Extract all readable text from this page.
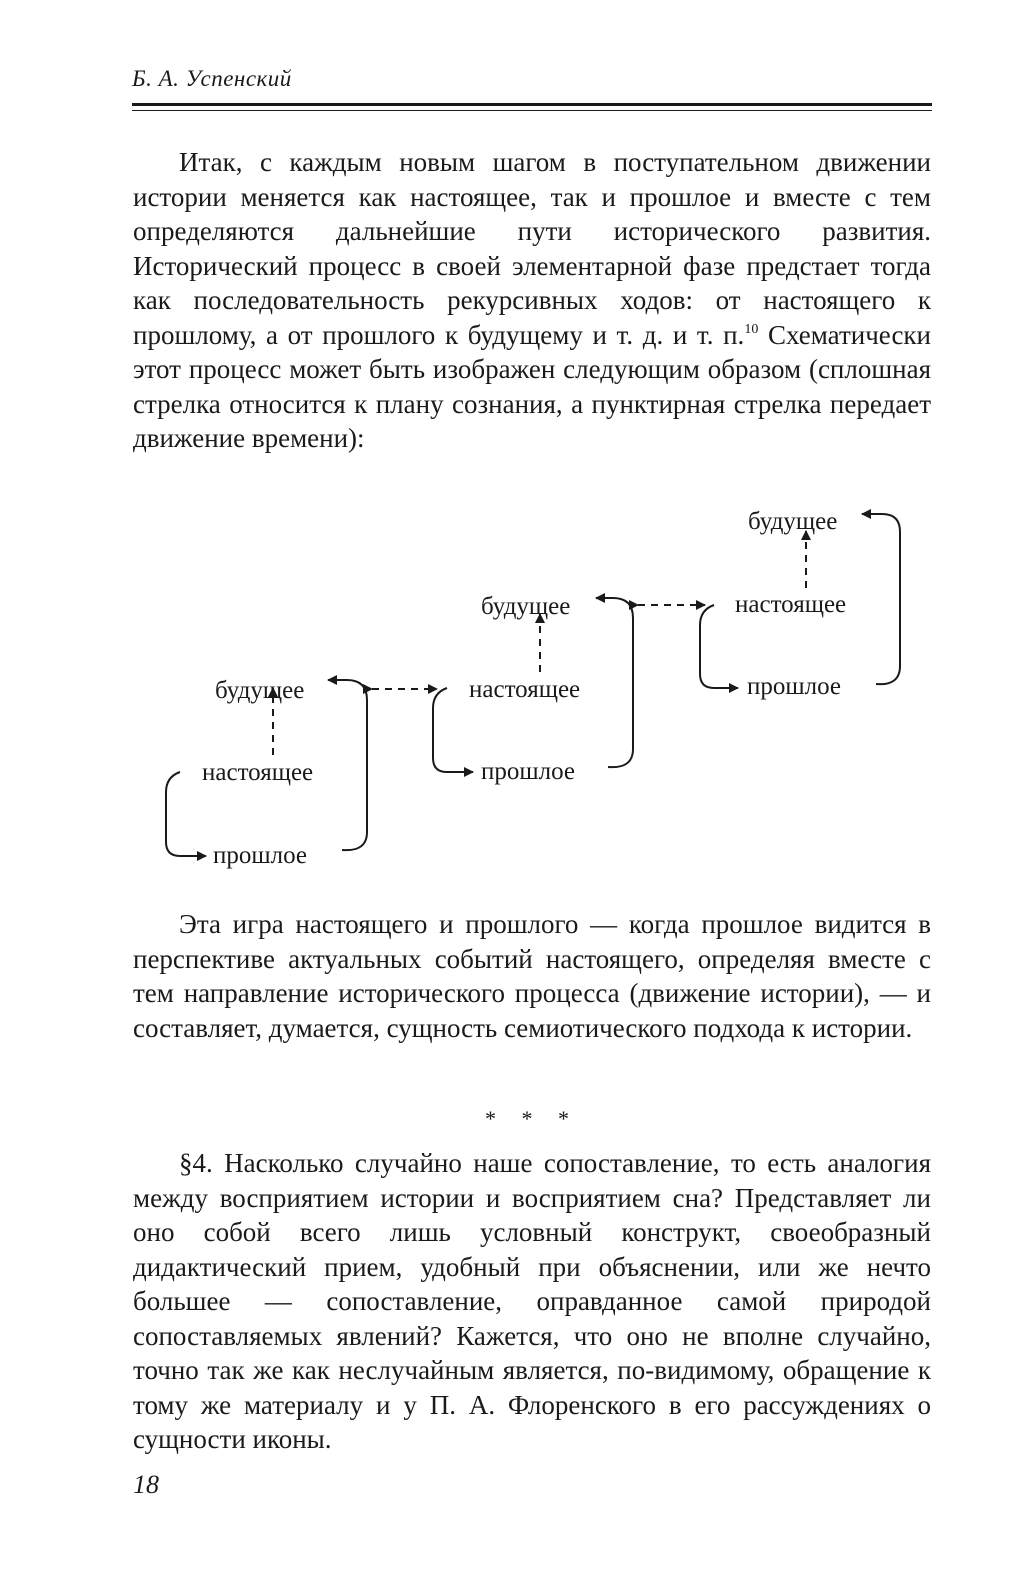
Б. А. Успенский

Итак, с каждым новым шагом в поступательном движении истории меняется как настоящее, так и прошлое и вместе с тем определяются дальнейшие пути исторического развития. Исторический процесс в своей элементарной фазе предстает тогда как последовательность рекурсивных ходов: от настоящего к прошлому, а от прошлого к будущему и т. д. и т. п.$^{10}$ Схематически этот процесс может быть изображен следующим образом (сплошная стрелка относится к плану сознания, а пунктирная стрелка передает движение времени):

будущее
настоящее
прошлое
будущее
настоящее
прошлое
будущее
настоящее
прошлое

Эта игра настоящего и прошлого — когда прошлое видится в перспективе актуальных событий настоящего, определяя вместе с тем направление исторического процесса (движение истории), — и составляет, думается, сущность семиотического подхода к истории.

* * *

§4. Насколько случайно наше сопоставление, то есть аналогия между восприятием истории и восприятием сна? Представляет ли оно собой всего лишь условный конструкт, своеобразный дидактический прием, удобный при объяснении, или же нечто большее — сопоставление, оправданное самой природой сопоставляемых явлений? Кажется, что оно не вполне случайно, точно так же как неслучайным является, по-видимому, обращение к тому же материалу и у П. А. Флоренского в его рассуждениях о сущности иконы.

18
